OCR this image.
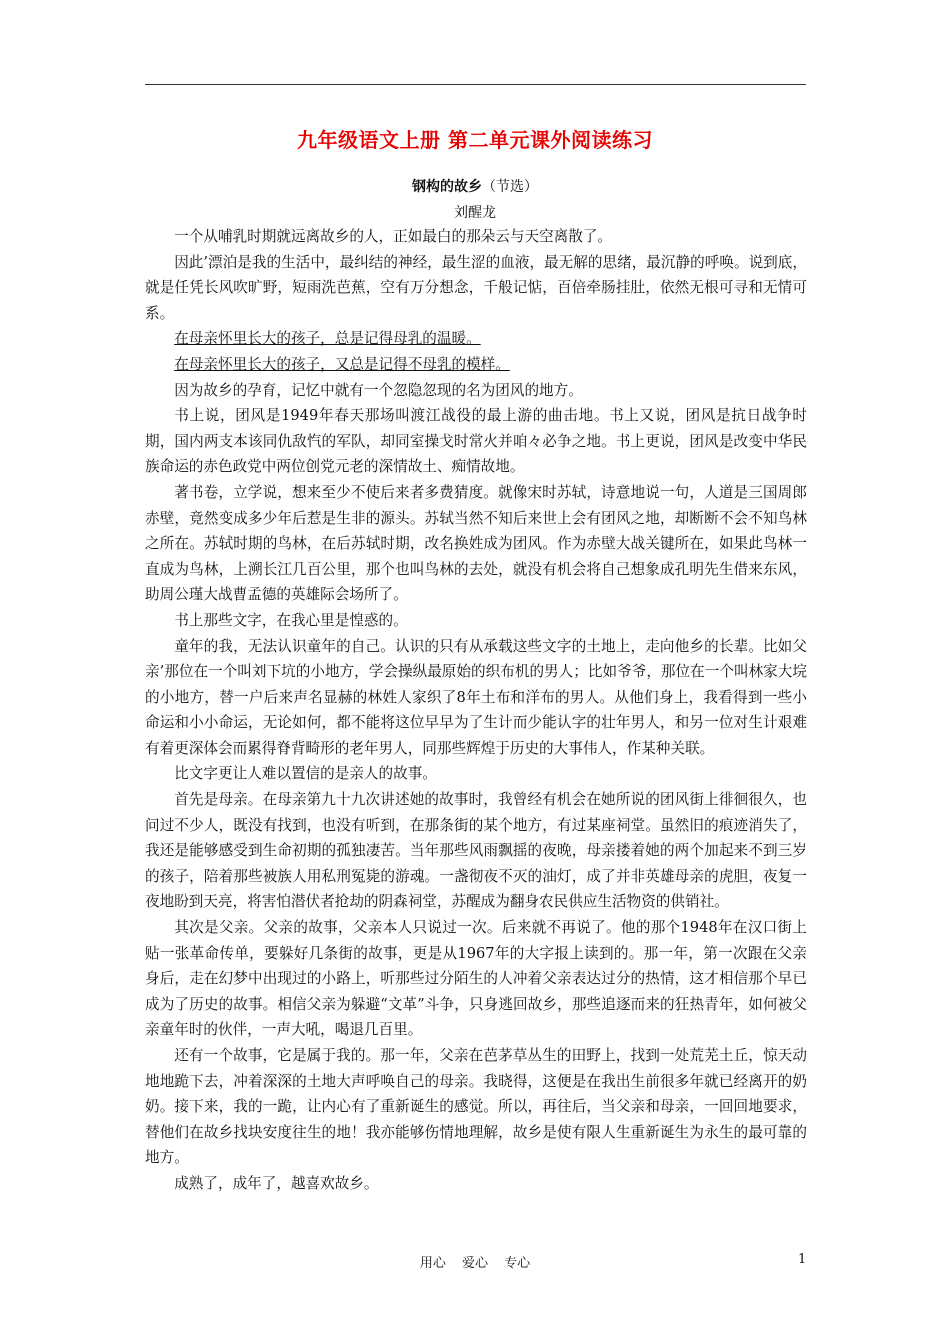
九年级语文上册 第二单元课外阅读练习

钢构的故乡（节选）

刘醒龙

一个从哺乳时期就远离故乡的人，正如最白的那朵云与天空离散了。

因此’漂泊是我的生活中，最纠结的神经，最生涩的血液，最无解的思绪，最沉静的呼唤。说到底，就是任凭长风吹旷野，短雨洗芭蕉，空有万分想念，千般记惦，百倍牵肠挂肚，依然无根可寻和无情可系。

在母亲怀里长大的孩子，总是记得母乳的温暖。

在母亲怀里长大的孩子，又总是记得不母乳的模样。

因为故乡的孕育，记忆中就有一个忽隐忽现的名为团风的地方。

书上说，团风是1949年春天那场叫渡江战役的最上游的曲击地。书上又说，团风是抗日战争时期，国内两支本该同仇敌忾的军队，却同室操戈时常火并咱々必争之地。书上更说，团风是改变中华民族命运的赤色政党中两位创党元老的深情故土、痴情故地。

著书卷，立学说，想来至少不使后来者多费猜度。就像宋时苏轼，诗意地说一句，人道是三国周郎赤壁，竟然变成多少年后惹是生非的源头。苏轼当然不知后来世上会有团风之地，却断断不会不知鸟林之所在。苏轼时期的鸟林，在后苏轼时期，改名换姓成为团风。作为赤壁大战关键所在，如果此鸟林一直成为鸟林，上溯长江几百公里，那个也叫鸟林的去处，就没有机会将自己想象成孔明先生借来东风，助周公瑾大战曹孟德的英雄际会场所了。

书上那些文字，在我心里是惶惑的。

童年的我，无法认识童年的自己。认识的只有从承载这些文字的土地上，走向他乡的长辈。比如父亲’那位在一个叫刘下坑的小地方，学会操纵最原始的织布机的男人；比如爷爷，那位在一个叫林家大垸的小地方，替一户后来声名显赫的林姓人家织了8年土布和洋布的男人。从他们身上，我看得到一些小命运和小小命运，无论如何，都不能将这位早早为了生计而少能认字的壮年男人，和另一位对生计艰难有着更深体会而累得脊背畸形的老年男人，同那些辉煌于历史的大事伟人，作某种关联。

比文字更让人难以置信的是亲人的故事。

首先是母亲。在母亲第九十九次讲述她的故事时，我曾经有机会在她所说的团风街上徘徊很久，也问过不少人，既没有找到，也没有听到，在那条街的某个地方，有过某座祠堂。虽然旧的痕迹消失了，我还是能够感受到生命初期的孤独凄苦。当年那些风雨飘摇的夜晚，母亲搂着她的两个加起来不到三岁的孩子，陪着那些被族人用私刑冤毙的游魂。一盏彻夜不灭的油灯，成了并非英雄母亲的虎胆，夜复一夜地盼到天亮，将害怕潜伏者抢劫的阴森祠堂，苏醒成为翻身农民供应生活物资的供销社。

其次是父亲。父亲的故事，父亲本人只说过一次。后来就不再说了。他的那个1948年在汉口街上贴一张革命传单，要躲好几条街的故事，更是从1967年的大字报上读到的。那一年，第一次跟在父亲身后，走在幻梦中出现过的小路上，听那些过分陌生的人冲着父亲表达过分的热情，这才相信那个早已成为了历史的故事。相信父亲为躲避“文革”斗争，只身逃回故乡，那些追逐而来的狂热青年，如何被父亲童年时的伙伴，一声大吼，喝退几百里。

还有一个故事，它是属于我的。那一年，父亲在芭茅草丛生的田野上，找到一处荒芜土丘，惊天动地地跪下去，冲着深深的土地大声呼唤自己的母亲。我晓得，这便是在我出生前很多年就已经离开的奶奶。接下来，我的一跪，让内心有了重新诞生的感觉。所以，再往后，当父亲和母亲，一回回地要求，替他们在故乡找块安度往生的地！我亦能够伤情地理解，故乡是使有限人生重新诞生为永生的最可靠的地方。

成熟了，成年了，越喜欢故乡。

用心 爱心 专心	1
